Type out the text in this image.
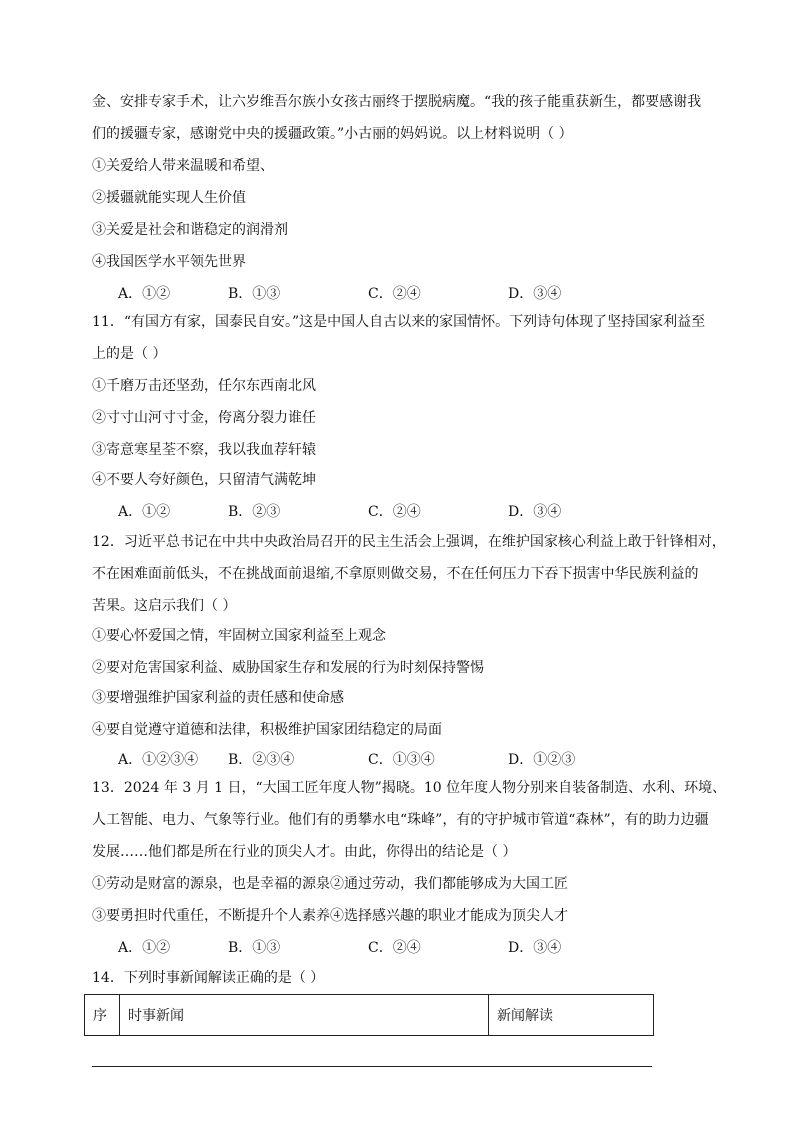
金、安排专家手术，让六岁维吾尔族小女孩古丽终于摆脱病魔。“我的孩子能重获新生，都要感谢我
们的援疆专家，感谢党中央的援疆政策。”小古丽的妈妈说。以上材料说明（ ）
①关爱给人带来温暖和希望、
②援疆就能实现人生价值
③关爱是社会和谐稳定的润滑剂
④我国医学水平领先世界
A．①②	B．①③	C．②④	D．③④
11．“有国方有家，国泰民自安。”这是中国人自古以来的家国情怀。下列诗句体现了坚持国家利益至
上的是（ ）
①千磨万击还坚劲，任尔东西南北风
②寸寸山河寸寸金，侉离分裂力谁任
③寄意寒星荃不察，我以我血荐轩辕
④不要人夸好颜色，只留清气满乾坤
A．①②	B．②③	C．②④	D．③④
12．习近平总书记在中共中央政治局召开的民主生活会上强调，在维护国家核心利益上敢于针锋相对，
不在困难面前低头，不在挑战面前退缩,不拿原则做交易，不在任何压力下吞下损害中华民族利益的
苦果。这启示我们（ ）
①要心怀爱国之情，牢固树立国家利益至上观念
②要对危害国家利益、威胁国家生存和发展的行为时刻保持警惕
③要增强维护国家利益的责任感和使命感
④要自觉遵守道德和法律，积极维护国家团结稳定的局面
A．①②③④ B．②③④	C．①③④	D．①②③
13．2024 年 3 月 1 日，“大国工匠年度人物”揭晓。10 位年度人物分别来自装备制造、水利、环境、
人工智能、电力、气象等行业。他们有的勇攀水电“珠峰”，有的守护城市管道“森林”，有的助力边疆
发展……他们都是所在行业的顶尖人才。由此，你得出的结论是（ ）
①劳动是财富的源泉，也是幸福的源泉②通过劳动，我们都能够成为大国工匠
③要勇担时代重任，不断提升个人素养④选择感兴趣的职业才能成为顶尖人才
A．①②	B．①③	C．②④	D．③④
14．下列时事新闻解读正确的是（ ）
序	时事新闻	新闻解读
